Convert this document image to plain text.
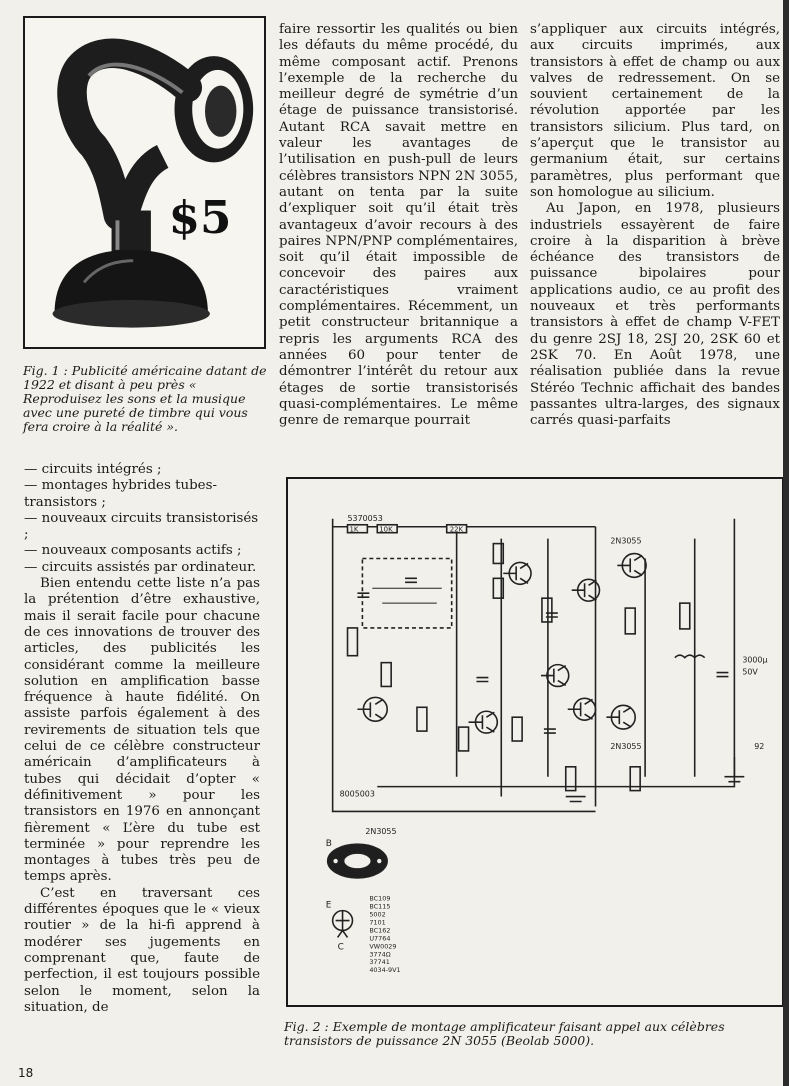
$5
Fig. 1 : Publicité américaine datant de 1922 et disant à peu près « Reproduisez les sons et la musique avec une pureté de timbre qui vous fera croire à la réalité ».

— circuits intégrés ;

— montages hybrides tubes-transistors ;

— nouveaux circuits transistorisés ;

— nouveaux composants actifs ;

— circuits assistés par ordinateur.

Bien entendu cette liste n’a pas la prétention d’être exhaustive, mais il serait facile pour chacune de ces innovations de trouver des articles, des publicités les considérant comme la meilleure solution en amplification basse fréquence à haute fidélité. On assiste parfois également à des revirements de situation tels que celui de ce célèbre constructeur américain d’amplificateurs à tubes qui décidait d’opter « définitivement » pour les transistors en 1976 en annonçant fièrement « L’ère du tube est terminée » pour reprendre les montages à tubes très peu de temps après.

C’est en traversant ces différentes époques que le « vieux routier » de la hi-fi apprend à modérer ses jugements en comprenant que, faute de perfection, il est toujours possible selon le moment, selon la situation, de

faire ressortir les qualités ou bien les défauts du même procédé, du même composant actif. Prenons l’exemple de la recherche du meilleur degré de symétrie d’un étage de puissance transistorisé. Autant RCA savait mettre en valeur les avantages de l’utilisation en push-pull de leurs célèbres transistors NPN 2N 3055, autant on tenta par la suite d’expliquer soit qu’il était très avantageux d’avoir recours à des paires NPN/PNP complémentaires, soit qu’il était impossible de concevoir des paires aux caractéristiques vraiment complémentaires. Récemment, un petit constructeur britannique a repris les arguments RCA des années 60 pour tenter de démontrer l’intérêt du retour aux étages de sortie transistorisés quasi-complémentaires. Le même genre de remarque pourrait

s’appliquer aux circuits intégrés, aux circuits imprimés, aux transistors à effet de champ ou aux valves de redressement. On se souvient certainement de la révolution apportée par les transistors silicium. Plus tard, on s’aperçut que le transistor au germanium était, sur certains paramètres, plus performant que son homologue au silicium.

Au Japon, en 1978, plusieurs industriels essayèrent de faire croire à la disparition à brève échéance des transistors de puissance bipolaires pour applications audio, ce au profit des nouveaux et très performants transistors à effet de champ V-FET du genre 2SJ 18, 2SJ 20, 2SK 60 et 2SK 70. En Août 1978, une réalisation publiée dans la revue Stéréo Technic affichait des bandes passantes ultra-larges, des signaux carrés quasi-parfaits

5370053
1K	10K	22K
2N3055
2N3055
3000μ
50V
92
8005003
2N3055
B
E
C
BC109
BC115
5002
7101
BC162
U7764
VW0029
3774Ω
37741
4034-9V1
Fig. 2 : Exemple de montage amplificateur faisant appel aux célèbres transistors de puissance 2N 3055 (Beolab 5000).
18
